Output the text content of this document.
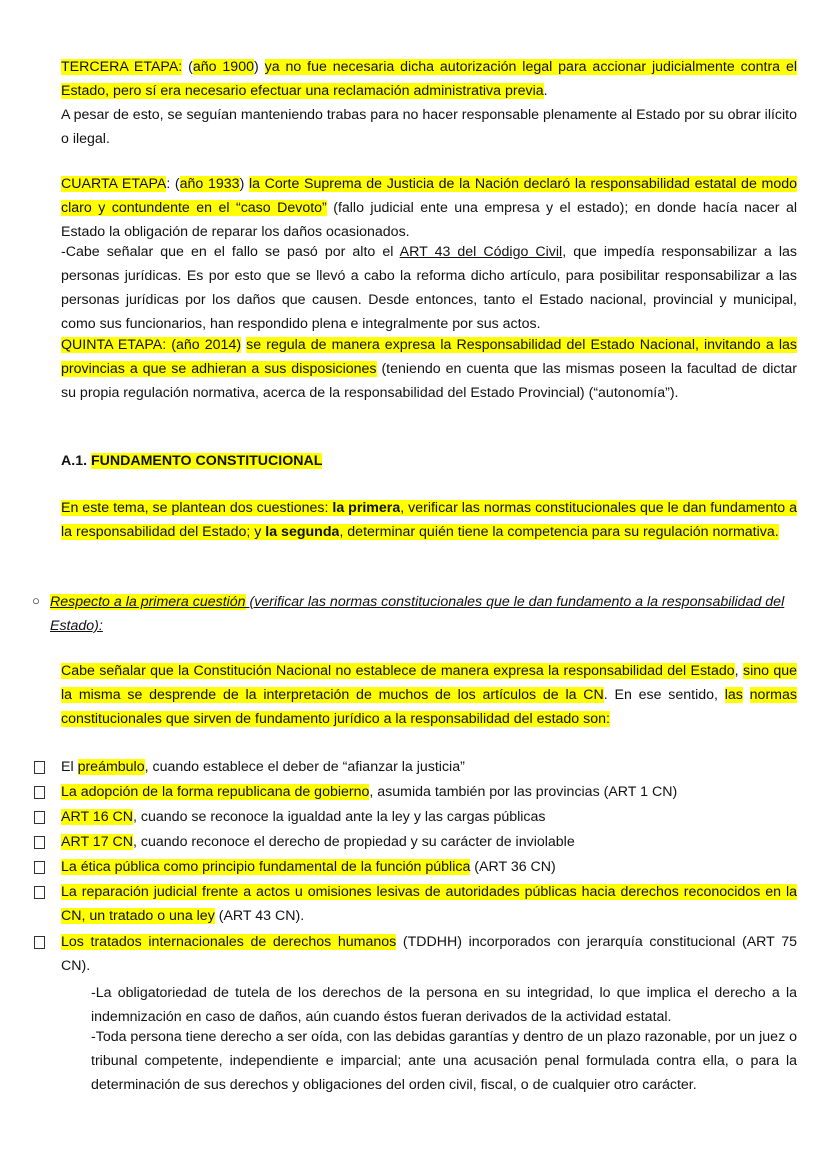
TERCERA ETAPA: (año 1900) ya no fue necesaria dicha autorización legal para accionar judicialmente contra el Estado, pero sí era necesario efectuar una reclamación administrativa previa.

A pesar de esto, se seguían manteniendo trabas para no hacer responsable plenamente al Estado por su obrar ilícito o ilegal.

CUARTA ETAPA: (año 1933) la Corte Suprema de Justicia de la Nación declaró la responsabilidad estatal de modo claro y contundente en el “caso Devoto” (fallo judicial ente una empresa y el estado); en donde hacía nacer al Estado la obligación de reparar los daños ocasionados.

-Cabe señalar que en el fallo se pasó por alto el ART 43 del Código Civil, que impedía responsabilizar a las personas jurídicas. Es por esto que se llevó a cabo la reforma dicho artículo, para posibilitar responsabilizar a las personas jurídicas por los daños que causen. Desde entonces, tanto el Estado nacional, provincial y municipal, como sus funcionarios, han respondido plena e integralmente por sus actos.

QUINTA ETAPA: (año 2014) se regula de manera expresa la Responsabilidad del Estado Nacional, invitando a las provincias a que se adhieran a sus disposiciones (teniendo en cuenta que las mismas poseen la facultad de dictar su propia regulación normativa, acerca de la responsabilidad del Estado Provincial) (“autonomía”).

A.1. FUNDAMENTO CONSTITUCIONAL

En este tema, se plantean dos cuestiones: la primera, verificar las normas constitucionales que le dan fundamento a la responsabilidad del Estado; y la segunda, determinar quién tiene la competencia para su regulación normativa.

○ Respecto a la primera cuestión (verificar las normas constitucionales que le dan fundamento a la responsabilidad del Estado):

Cabe señalar que la Constitución Nacional no establece de manera expresa la responsabilidad del Estado, sino que la misma se desprende de la interpretación de muchos de los artículos de la CN. En ese sentido, las normas constitucionales que sirven de fundamento jurídico a la responsabilidad del estado son:

El preámbulo, cuando establece el deber de “afianzar la justicia”

La adopción de la forma republicana de gobierno, asumida también por las provincias (ART 1 CN)

ART 16 CN, cuando se reconoce la igualdad ante la ley y las cargas públicas

ART 17 CN, cuando reconoce el derecho de propiedad y su carácter de inviolable

La ética pública como principio fundamental de la función pública (ART 36 CN)

La reparación judicial frente a actos u omisiones lesivas de autoridades públicas hacia derechos reconocidos en la CN, un tratado o una ley (ART 43 CN).

Los tratados internacionales de derechos humanos (TDDHH) incorporados con jerarquía constitucional (ART 75 CN).

-La obligatoriedad de tutela de los derechos de la persona en su integridad, lo que implica el derecho a la indemnización en caso de daños, aún cuando éstos fueran derivados de la actividad estatal.

-Toda persona tiene derecho a ser oída, con las debidas garantías y dentro de un plazo razonable, por un juez o tribunal competente, independiente e imparcial; ante una acusación penal formulada contra ella, o para la determinación de sus derechos y obligaciones del orden civil, fiscal, o de cualquier otro carácter.
